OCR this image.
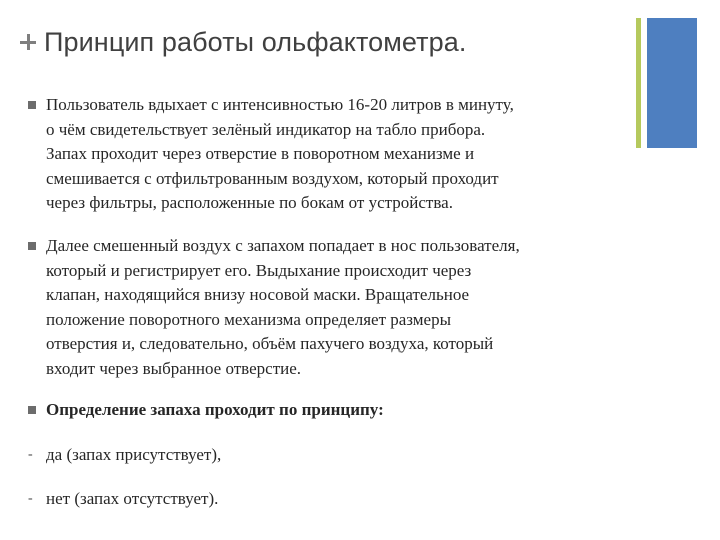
Принцип работы ольфактометра.
Пользователь вдыхает с интенсивностью 16-20 литров в минуту,
о чём свидетельствует зелёный индикатор на табло прибора.
Запах проходит через отверстие в поворотном механизме и
смешивается с отфильтрованным воздухом, который проходит
через фильтры, расположенные по бокам от устройства.
Далее смешенный воздух с запахом попадает в нос пользователя,
который и регистрирует его. Выдыхание происходит через
клапан, находящийся внизу носовой маски. Вращательное
положение поворотного механизма определяет размеры
отверстия и, следовательно, объём пахучего воздуха, который
входит через выбранное отверстие.
Определение запаха проходит по принципу:
- да (запах присутствует),
- нет (запах отсутствует).
